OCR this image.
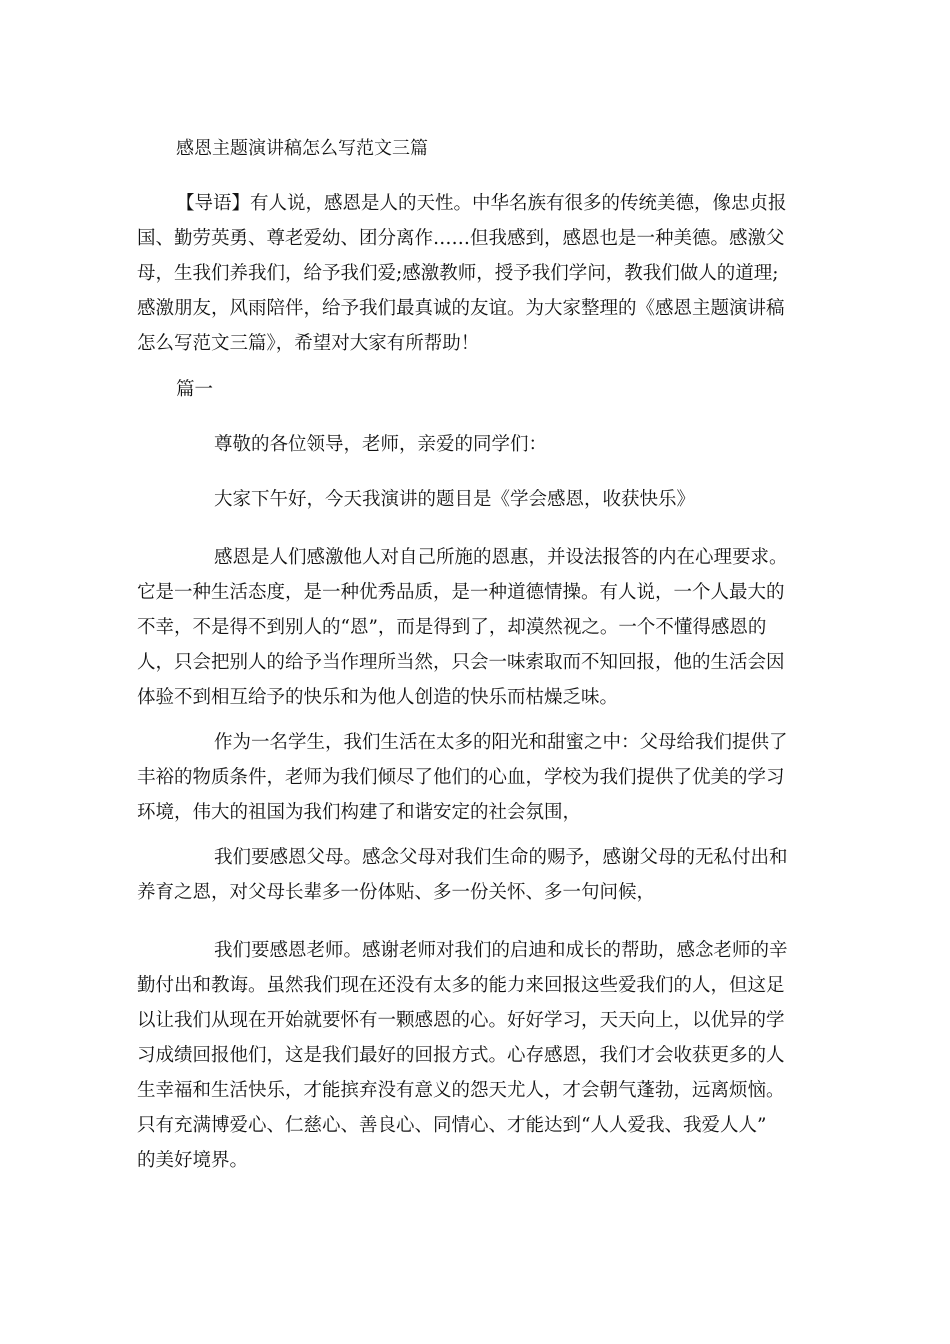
感恩主题演讲稿怎么写范文三篇
【导语】有人说，感恩是人的天性。中华名族有很多的传统美德，像忠贞报
国、勤劳英勇、尊老爱幼、团分离作……但我感到，感恩也是一种美德。感激父
母，生我们养我们，给予我们爱;感激教师，授予我们学问，教我们做人的道理;
感激朋友，风雨陪伴，给予我们最真诚的友谊。为大家整理的《感恩主题演讲稿
怎么写范文三篇》，希望对大家有所帮助！
篇一
尊敬的各位领导，老师，亲爱的同学们：
大家下午好，今天我演讲的题目是《学会感恩，收获快乐》
感恩是人们感激他人对自己所施的恩惠，并设法报答的内在心理要求。
它是一种生活态度，是一种优秀品质，是一种道德情操。有人说，一个人最大的
不幸，不是得不到别人的“恩”，而是得到了，却漠然视之。一个不懂得感恩的
人，只会把别人的给予当作理所当然，只会一味索取而不知回报，他的生活会因
体验不到相互给予的快乐和为他人创造的快乐而枯燥乏味。
作为一名学生，我们生活在太多的阳光和甜蜜之中：父母给我们提供了
丰裕的物质条件，老师为我们倾尽了他们的心血，学校为我们提供了优美的学习
环境，伟大的祖国为我们构建了和谐安定的社会氛围，
我们要感恩父母。感念父母对我们生命的赐予，感谢父母的无私付出和
养育之恩，对父母长辈多一份体贴、多一份关怀、多一句问候，
我们要感恩老师。感谢老师对我们的启迪和成长的帮助，感念老师的辛
勤付出和教诲。虽然我们现在还没有太多的能力来回报这些爱我们的人，但这足
以让我们从现在开始就要怀有一颗感恩的心。好好学习，天天向上，以优异的学
习成绩回报他们，这是我们最好的回报方式。心存感恩，我们才会收获更多的人
生幸福和生活快乐，才能摈弃没有意义的怨天尤人，才会朝气蓬勃，远离烦恼。
只有充满博爱心、仁慈心、善良心、同情心、才能达到“人人爱我、我爱人人”
的美好境界。
